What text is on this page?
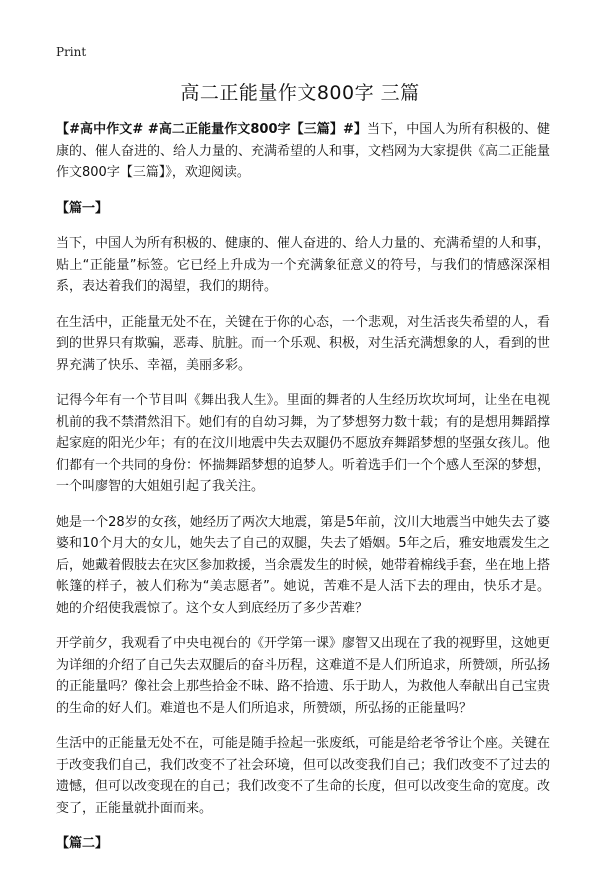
Print
高二正能量作文800字 三篇

【#高中作文# #高二正能量作文800字【三篇】#】当下，中国人为所有积极的、健康的、催人奋进的、给人力量的、充满希望的人和事，文档网为大家提供《高二正能量作文800字【三篇】》，欢迎阅读。

【篇一】

当下，中国人为所有积极的、健康的、催人奋进的、给人力量的、充满希望的人和事，贴上“正能量”标签。它已经上升成为一个充满象征意义的符号，与我们的情感深深相系，表达着我们的渴望，我们的期待。

在生活中，正能量无处不在，关键在于你的心态，一个悲观，对生活丧失希望的人，看到的世界只有欺骗，恶毒、肮脏。而一个乐观、积极，对生活充满想象的人，看到的世界充满了快乐、幸福，美丽多彩。

记得今年有一个节目叫《舞出我人生》。里面的舞者的人生经历坎坎坷坷，让坐在电视机前的我不禁潸然泪下。她们有的自幼习舞，为了梦想努力数十载；有的是想用舞蹈撑起家庭的阳光少年；有的在汶川地震中失去双腿仍不愿放弃舞蹈梦想的坚强女孩儿。他们都有一个共同的身份：怀揣舞蹈梦想的追梦人。听着选手们一个个感人至深的梦想，一个叫廖智的大姐姐引起了我关注。

她是一个28岁的女孩，她经历了两次大地震，第是5年前，汶川大地震当中她失去了婆婆和10个月大的女儿，她失去了自己的双腿，失去了婚姻。5年之后，雅安地震发生之后，她戴着假肢去在灾区参加救援，当余震发生的时候，她带着棉线手套，坐在地上搭帐篷的样子，被人们称为“美志愿者”。她说，苦难不是人活下去的理由，快乐才是。她的介绍使我震惊了。这个女人到底经历了多少苦难？

开学前夕，我观看了中央电视台的《开学第一课》廖智又出现在了我的视野里，这她更为详细的介绍了自己失去双腿后的奋斗历程，这难道不是人们所追求，所赞颂，所弘扬的正能量吗？像社会上那些拾金不昧、路不拾遗、乐于助人，为救他人奉献出自己宝贵的生命的好人们。难道也不是人们所追求，所赞颂，所弘扬的正能量吗？

生活中的正能量无处不在，可能是随手捡起一张废纸，可能是给老爷爷让个座。关键在于改变我们自己，我们改变不了社会环境，但可以改变我们自己；我们改变不了过去的遗憾，但可以改变现在的自己；我们改变不了生命的长度，但可以改变生命的宽度。改变了，正能量就扑面而来。

【篇二】
